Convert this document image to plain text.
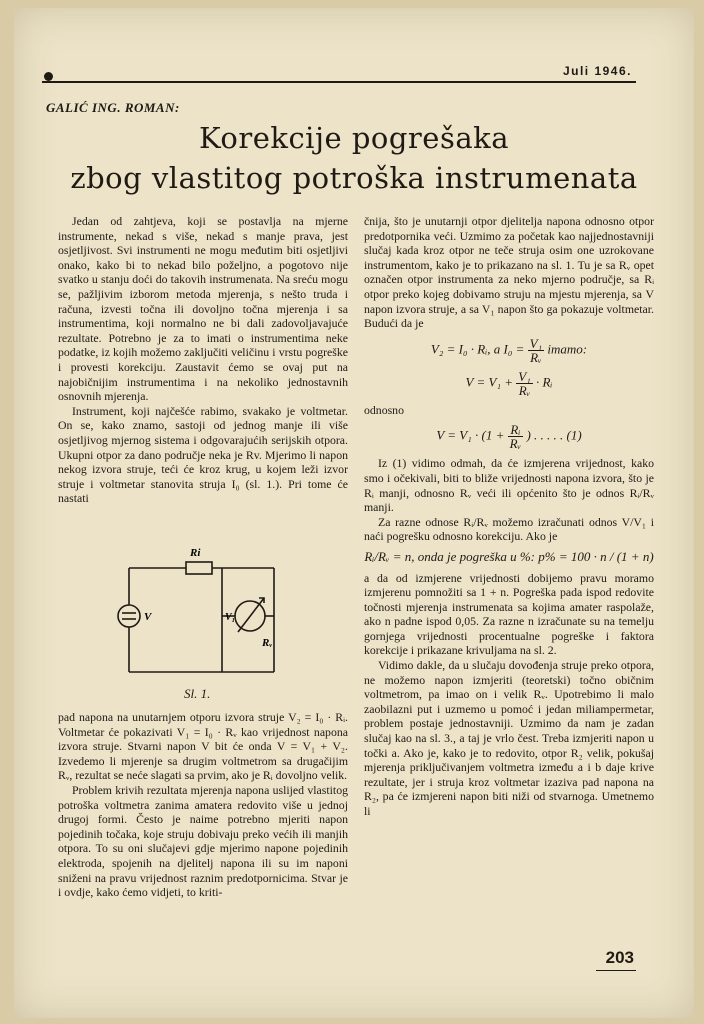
Juli 1946.
GALIĆ ING. ROMAN:
Korekcije pogrešaka
zbog vlastitog potroška instrumenata

Jedan od zahtjeva, koji se postavlja na mjerne instrumente, nekad s više, nekad s manje prava, jest osjetljivost. Svi instrumenti ne mogu međutim biti osjetljivi onako, kako bi to nekad bilo poželjno, a pogotovo nije svatko u stanju doći do takovih instrumenata. Na sreću mogu se, pažljivim izborom metoda mjerenja, s nešto truda i računa, izvesti točna ili dovoljno točna mjerenja i sa instrumentima, koji normalno ne bi dali zadovoljavajuće rezultate. Potrebno je za to imati o instrumentima neke podatke, iz kojih možemo zaključiti veličinu i vrstu pogreške i provesti korekciju. Zaustavit ćemo se ovaj put na najobičnijim instrumentima i na nekoliko jednostavnih osnovnih mjerenja.

Instrument, koji najčešće rabimo, svakako je voltmetar. On se, kako znamo, sastoji od jednog manje ili više osjetljivog mjernog sistema i odgovarajućih serijskih otpora. Ukupni otpor za dano područje neka je Rv. Mjerimo li napon nekog izvora struje, teći će kroz krug, u kojem leži izvor struje i voltmetar stanovita struja I₀ (sl. 1.). Pri tome će nastati

Ri
V	V₁
Rᵥ
Sl. 1.

pad napona na unutarnjem otporu izvora struje V₂ = I₀ · Rᵢ. Voltmetar će pokazivati V₁ = I₀ · Rᵥ kao vrijednost napona izvora struje. Stvarni napon V bit će onda V = V₁ + V₂. Izvedemo li mjerenje sa drugim voltmetrom sa drugačijim Rᵥ, rezultat se neće slagati sa prvim, ako je Rᵢ dovoljno velik.

Problem krivih rezultata mjerenja napona uslijed vlastitog potroška voltmetra zanima amatera redovito više u jednoj drugoj formi. Često je naime potrebno mjeriti napon pojedinih točaka, koje struju dobivaju preko većih ili manjih otpora. To su oni slučajevi gdje mjerimo napone pojedinih elektroda, spojenih na djelitelj napona ili su im naponi sniženi na pravu vrijednost raznim predotpornicima. Stvar je i ovdje, kako ćemo vidjeti, to kriti-

čnija, što je unutarnji otpor djelitelja napona odnosno otpor predotpornika veći. Uzmimo za početak kao najjednostavniji slučaj kada kroz otpor ne teče struja osim one uzrokovane instrumentom, kako je to prikazano na sl. 1. Tu je sa Rᵥ opet označen otpor instrumenta za neko mjerno područje, sa Rᵢ otpor preko kojeg dobivamo struju na mjestu mjerenja, sa V napon izvora struje, a sa V₁ napon što ga pokazuje voltmetar. Budući da je

V₂ = I₀ · Rᵢ, a $I_0 = \frac{\text{V₁}}{\text{Rᵥ}}$ imamo:
$V = V_1 + \frac{\text{V₁}}{\text{Rᵥ}}$ · Rᵢ

odnosno

$V = V_1 \cdot (1 + \frac{\text{Rᵢ}}{\text{Rᵥ}}$ ) . . . . . (1)

Iz (1) vidimo odmah, da će izmjerena vrijednost, kako smo i očekivali, biti to bliže vrijednosti napona izvora, što je Rᵢ manji, odnosno Rᵥ veći ili općenito što je odnos Rᵢ/Rᵥ manji.

Za razne odnose Rᵢ/Rᵥ možemo izračunati odnos V/V₁ i naći pogrešku odnosno korekciju. Ako je

Rᵢ/Rᵥ = n, onda je pogreška u %: p% = 100 · n / (1 + n)

a da od izmjerene vrijednosti dobijemo pravu moramo izmjerenu pomnožiti sa 1 + n. Pogreška pada ispod redovite točnosti mjerenja instrumenata sa kojima amater raspolaže, ako n padne ispod 0,05. Za razne n izračunate su na temelju gornjega vrijednosti procentualne pogreške i faktora korekcije i prikazane krivuljama na sl. 2.

Vidimo dakle, da u slučaju dovođenja struje preko otpora, ne možemo napon izmjeriti (teoretski) točno običnim voltmetrom, pa imao on i velik Rᵥ. Upotrebimo li malo zaobilazni put i uzmemo u pomoć i jedan miliampermetar, problem postaje jednostavniji. Uzmimo da nam je zadan slučaj kao na sl. 3., a taj je vrlo čest. Treba izmjeriti napon u točki a. Ako je, kako je to redovito, otpor R₂ velik, pokušaj mjerenja priključivanjem voltmetra između a i b daje krive rezultate, jer i struja kroz voltmetar izaziva pad napona na R₂, pa će izmjereni napon biti niži od stvarnoga. Umetnemo li

203
